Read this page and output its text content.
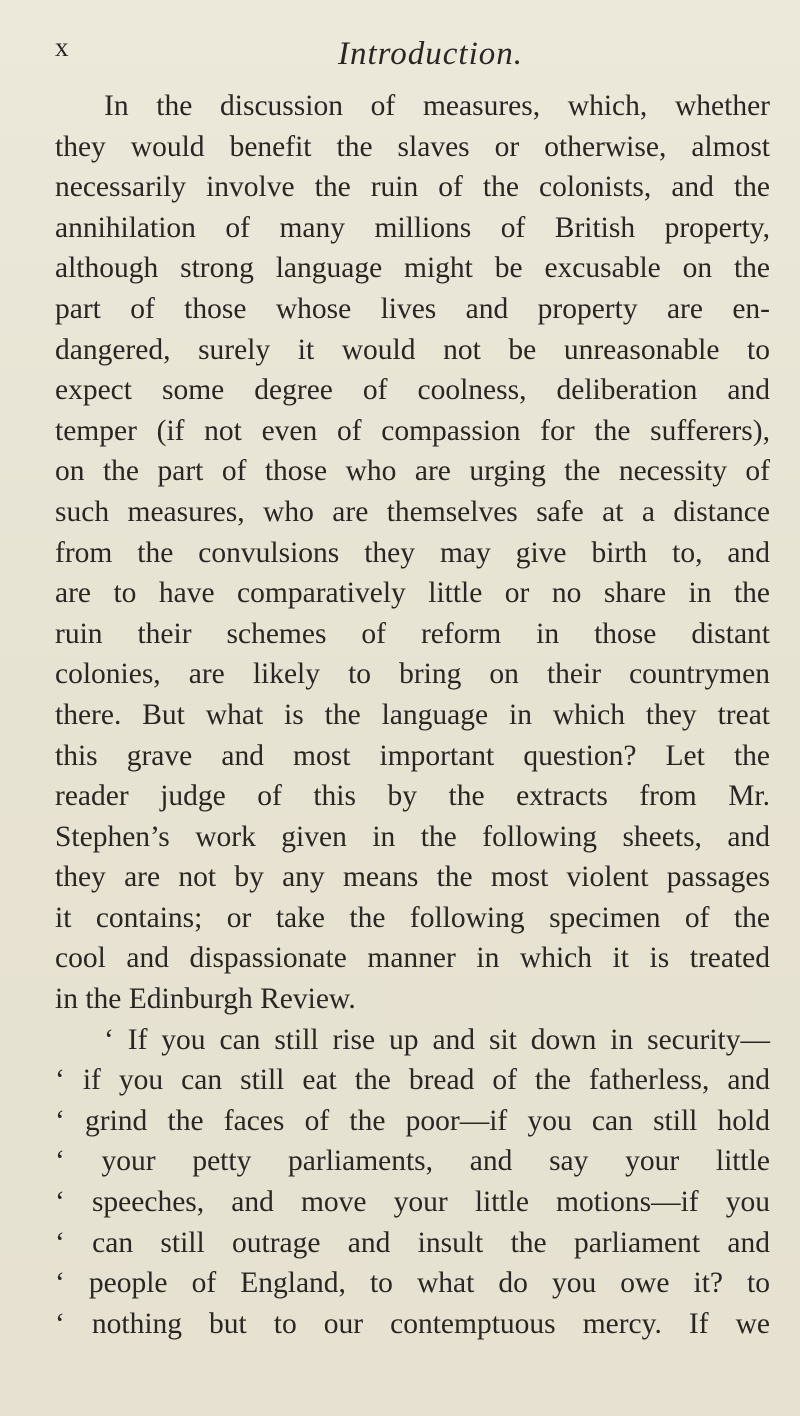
x	Introduction.
In the discussion of measures, which, whether
they would benefit the slaves or otherwise, almost
necessarily involve the ruin of the colonists, and the
annihilation of many millions of British property,
although strong language might be excusable on the
part of those whose lives and property are en-
dangered, surely it would not be unreasonable to
expect some degree of coolness, deliberation and
temper (if not even of compassion for the sufferers),
on the part of those who are urging the necessity of
such measures, who are themselves safe at a distance
from the convulsions they may give birth to, and
are to have comparatively little or no share in the
ruin their schemes of reform in those distant
colonies, are likely to bring on their countrymen
there. But what is the language in which they treat
this grave and most important question? Let the
reader judge of this by the extracts from Mr.
Stephen’s work given in the following sheets, and
they are not by any means the most violent passages
it contains; or take the following specimen of the
cool and dispassionate manner in which it is treated
in the Edinburgh Review.
‘ If you can still rise up and sit down in security—
‘ if you can still eat the bread of the fatherless, and
‘ grind the faces of the poor—if you can still hold
‘ your petty parliaments, and say your little
‘ speeches, and move your little motions—if you
‘ can still outrage and insult the parliament and
‘ people of England, to what do you owe it? to
‘ nothing but to our contemptuous mercy. If we
